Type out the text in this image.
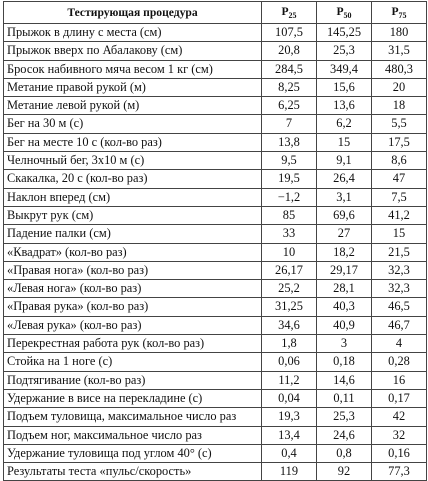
Тестирующая процедура	$P_{25}$	$P_{50}$	$P_{75}$
Прыжок в длину с места (см)	107,5	145,25	180
Прыжок вверх по Абалакову (см)	20,8	25,3	31,5
Бросок набивного мяча весом 1 кг (см)	284,5	349,4	480,3
Метание правой рукой (м)	8,25	15,6	20
Метание левой рукой (м)	6,25	13,6	18
Бег на 30 м (с)	7	6,2	5,5
Бег на месте 10 с (кол-во раз)	13,8	15	17,5
Челночный бег, 3х10 м (с)	9,5	9,1	8,6
Скакалка, 20 с (кол-во раз)	19,5	26,4	47
Наклон вперед (см)	−1,2	3,1	7,5
Выкрут рук (см)	85	69,6	41,2
Падение палки (см)	33	27	15
«Квадрат» (кол-во раз)	10	18,2	21,5
«Правая нога» (кол-во раз)	26,17	29,17	32,3
«Левая нога» (кол-во раз)	25,2	28,1	32,3
«Правая рука» (кол-во раз)	31,25	40,3	46,5
«Левая рука» (кол-во раз)	34,6	40,9	46,7
Перекрестная работа рук (кол-во раз)	1,8	3	4
Стойка на 1 ноге (с)	0,06	0,18	0,28
Подтягивание (кол-во раз)	11,2	14,6	16
Удержание в висе на перекладине (с)	0,04	0,11	0,17
Подъем туловища, максимальное число раз	19,3	25,3	42
Подъем ног, максимальное число раз	13,4	24,6	32
Удержание туловища под углом 40° (с)	0,4	0,8	0,16
Результаты теста «пульс/скорость»	119	92	77,3
